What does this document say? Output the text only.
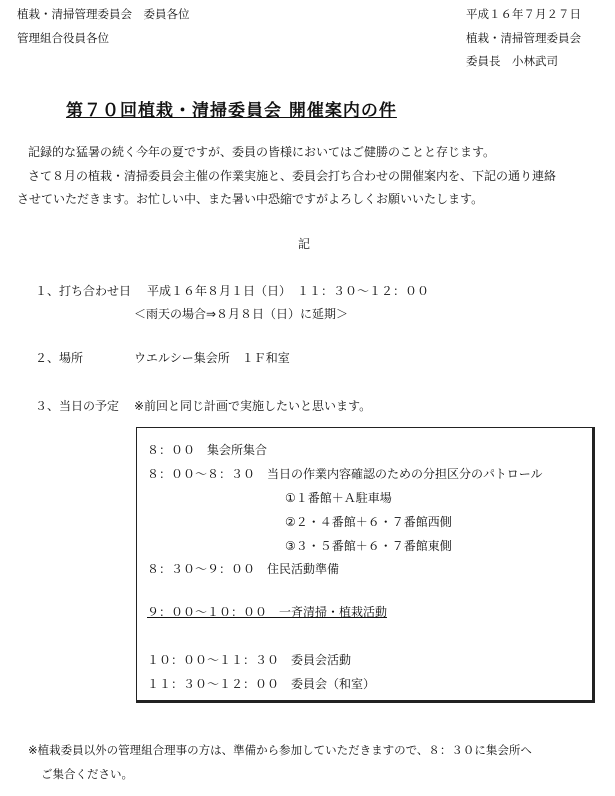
植栽・清掃管理委員会　委員各位
管理組合役員各位
平成１６年７月２７日
植栽・清掃管理委員会
委員長　小林武司
第７０回植栽・清掃委員会 開催案内の件
記録的な猛暑の続く今年の夏ですが、委員の皆様においてはご健勝のことと存じます。
さて８月の植栽・清掃委員会主催の作業実施と、委員会打ち合わせの開催案内を、下記の通り連絡
させていただきます。お忙しい中、また暑い中恐縮ですがよろしくお願いいたします。
記
１、打ち合わせ日 平成１６年８月１日（日）　１１：３０〜１２：００
＜雨天の場合⇒８月８日（日）に延期＞
２、場所	ウエルシー集会所　１Ｆ和室
３、当日の予定 ※前回と同じ計画で実施したいと思います。
８：００　集会所集合
８：００〜８：３０　当日の作業内容確認のための分担区分のパトロール
①１番館＋Ａ駐車場
②２・４番館＋６・７番館西側
③３・５番館＋６・７番館東側
８：３０〜９：００　住民活動準備
９：００〜１０：００　一斉清掃・植栽活動
１０：００〜１１：３０　委員会活動
１１：３０〜１２：００　委員会（和室）
※植栽委員以外の管理組合理事の方は、準備から参加していただきますので、８：３０に集会所へ
ご集合ください。
